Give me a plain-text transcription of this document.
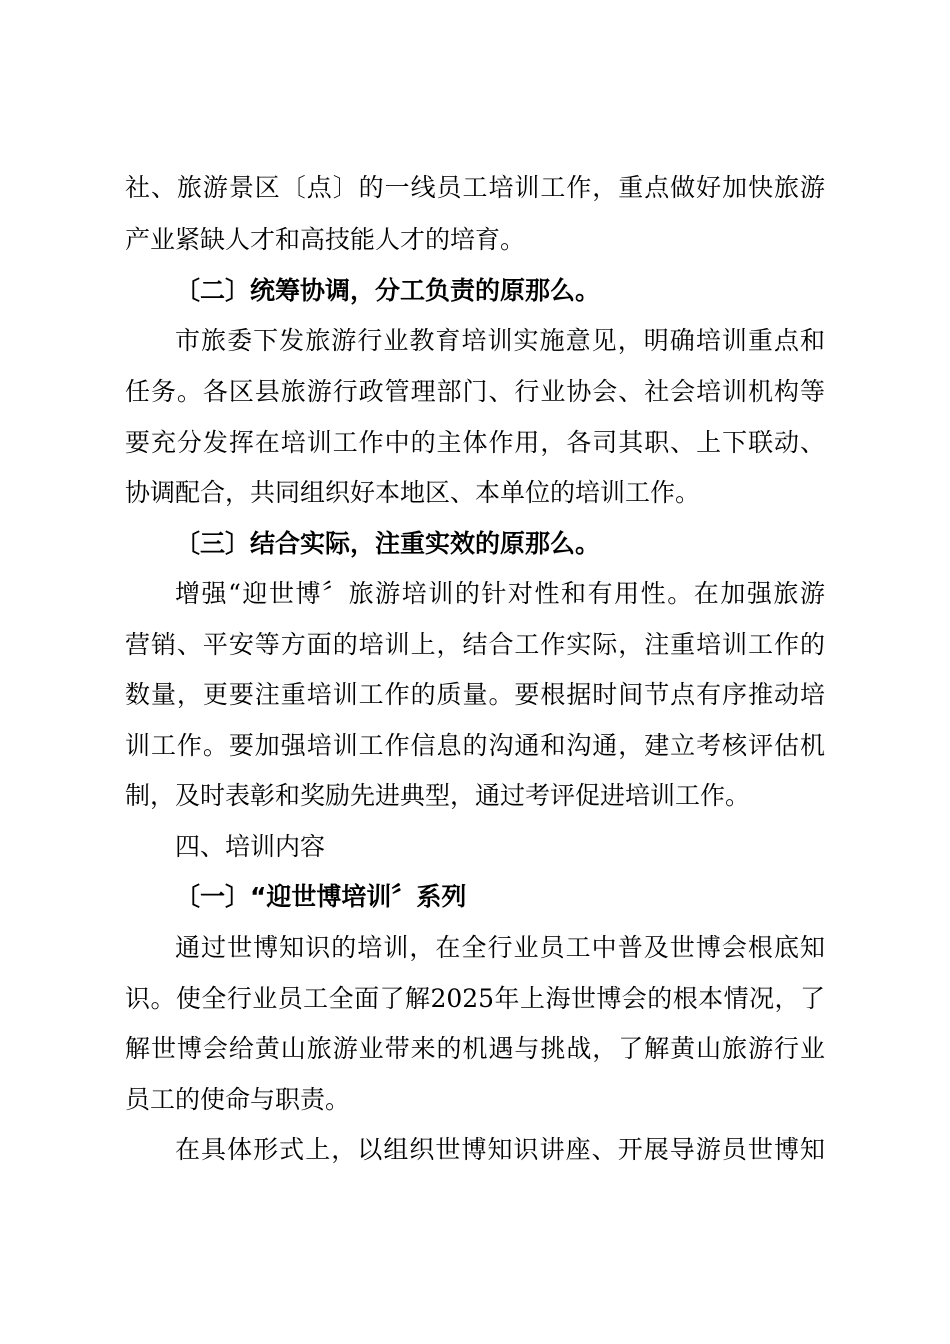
社、旅游景区〔点〕的一线员工培训工作，重点做好加快旅游
产业紧缺人才和高技能人才的培育。
〔二〕统筹协调，分工负责的原那么。
市旅委下发旅游行业教育培训实施意见，明确培训重点和
任务。各区县旅游行政管理部门、行业协会、社会培训机构等
要充分发挥在培训工作中的主体作用，各司其职、上下联动、
协调配合，共同组织好本地区、本单位的培训工作。
〔三〕结合实际，注重实效的原那么。
增强“迎世博〞旅游培训的针对性和有用性。在加强旅游
营销、平安等方面的培训上，结合工作实际，注重培训工作的
数量，更要注重培训工作的质量。要根据时间节点有序推动培
训工作。要加强培训工作信息的沟通和沟通，建立考核评估机
制，及时表彰和奖励先进典型，通过考评促进培训工作。
四、培训内容
〔一〕“迎世博培训〞系列
通过世博知识的培训，在全行业员工中普及世博会根底知
识。使全行业员工全面了解2025年上海世博会的根本情况，了
解世博会给黄山旅游业带来的机遇与挑战，了解黄山旅游行业
员工的使命与职责。
在具体形式上，以组织世博知识讲座、开展导游员世博知
